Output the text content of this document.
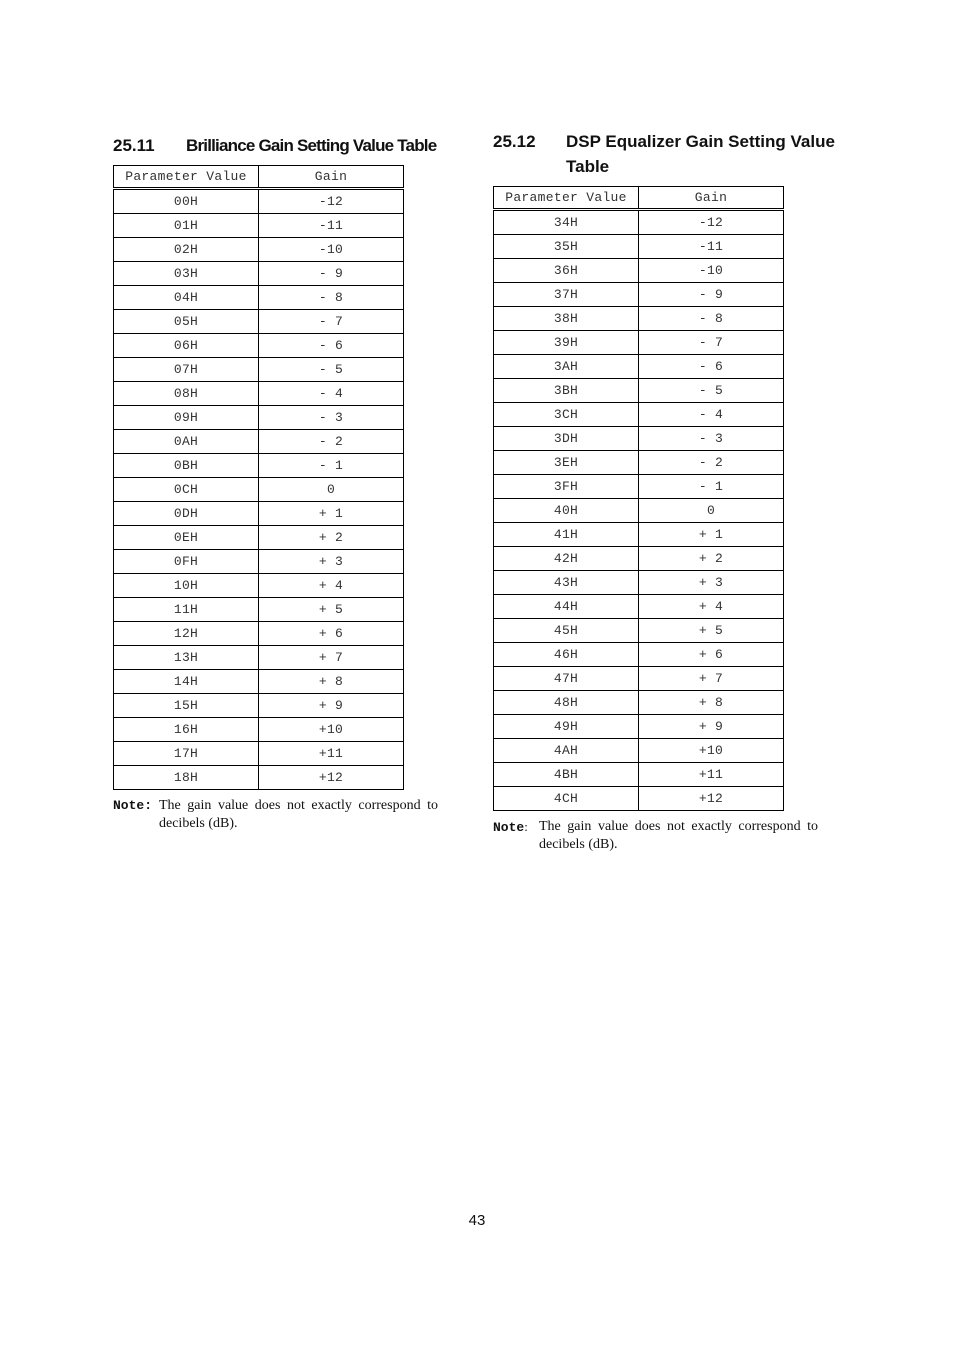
25.11	Brilliance Gain Setting Value Table
Parameter Value	Gain
00H	-12
01H	-11
02H	-10
03H	- 9
04H	- 8
05H	- 7
06H	- 6
07H	- 5
08H	- 4
09H	- 3
0AH	- 2
0BH	- 1
0CH	0
0DH	+ 1
0EH	+ 2
0FH	+ 3
10H	+ 4
11H	+ 5
12H	+ 6
13H	+ 7
14H	+ 8
15H	+ 9
16H	+10
17H	+11
18H	+12
Note: The gain value does not exactly correspond to decibels (dB).
25.12	DSP Equalizer Gain Setting Value Table
Parameter Value	Gain
34H	-12
35H	-11
36H	-10
37H	- 9
38H	- 8
39H	- 7
3AH	- 6
3BH	- 5
3CH	- 4
3DH	- 3
3EH	- 2
3FH	- 1
40H	0
41H	+ 1
42H	+ 2
43H	+ 3
44H	+ 4
45H	+ 5
46H	+ 6
47H	+ 7
48H	+ 8
49H	+ 9
4AH	+10
4BH	+11
4CH	+12
Note: The gain value does not exactly correspond to decibels (dB).
43
